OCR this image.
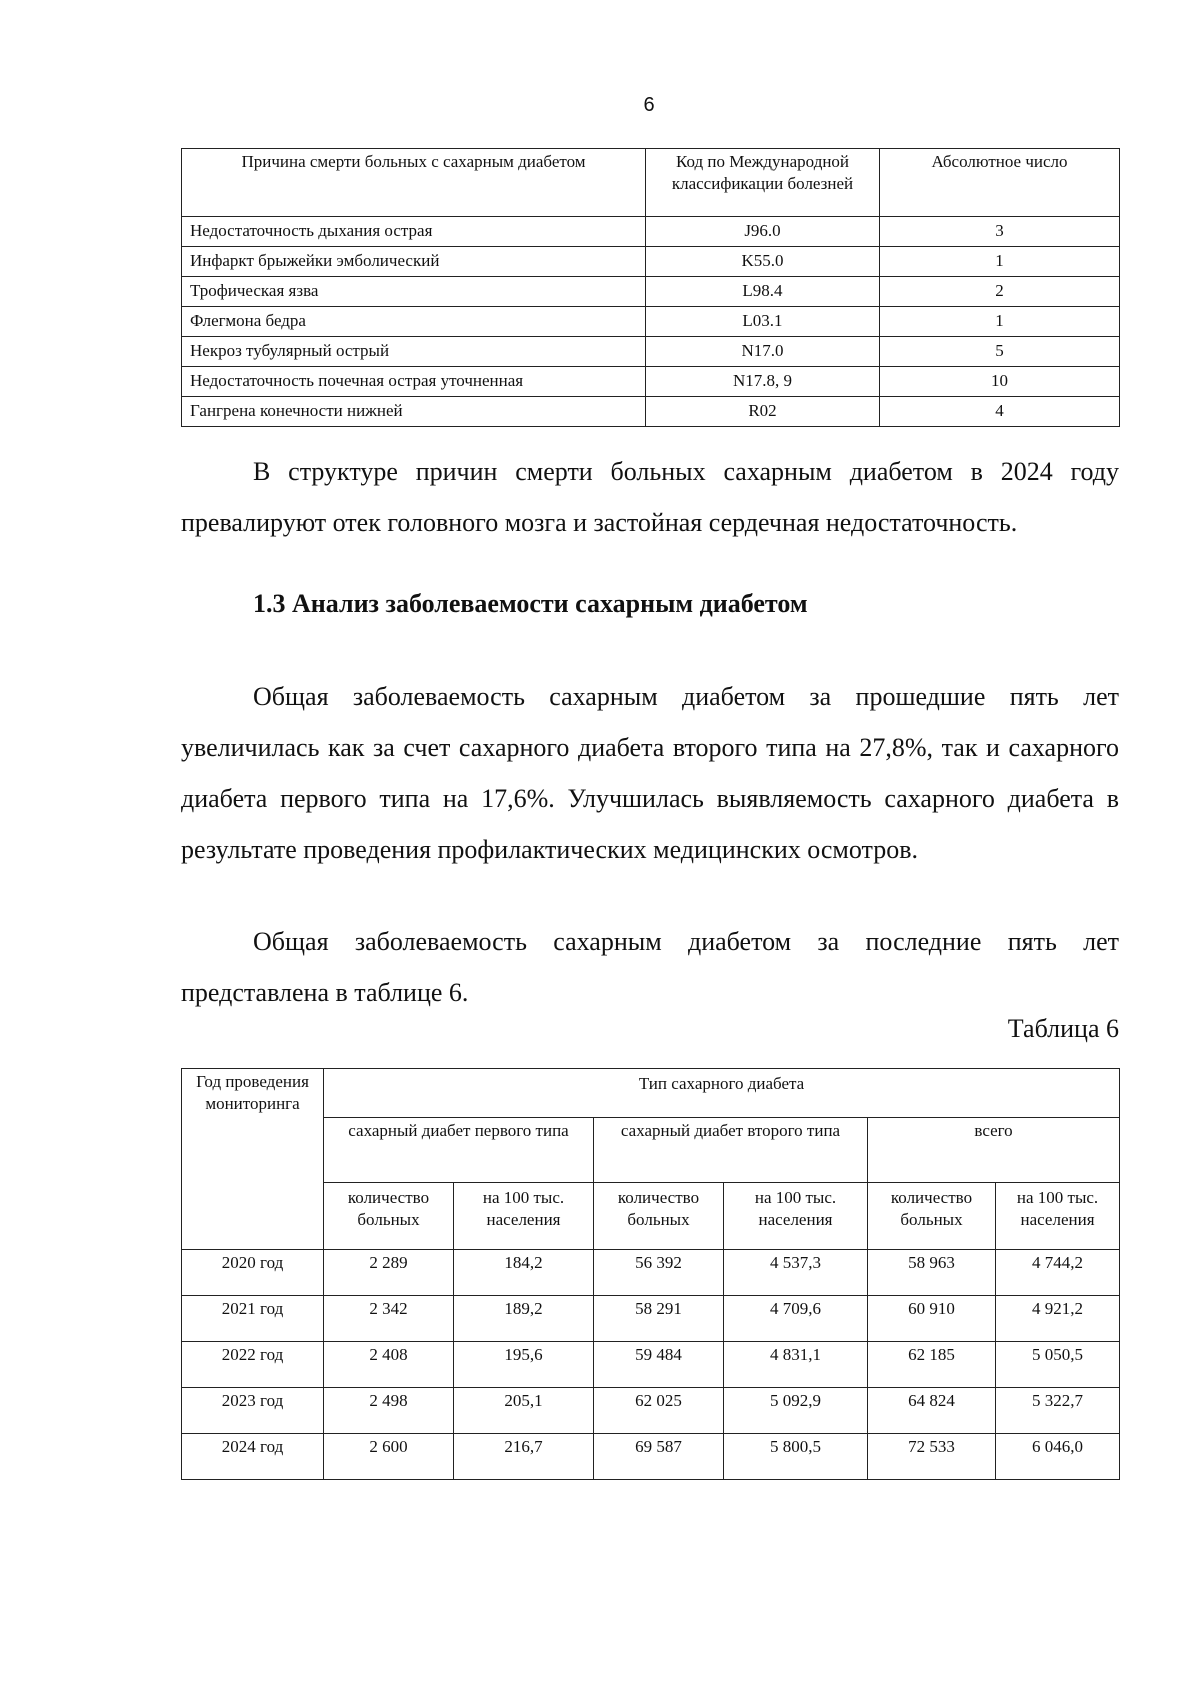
6
Причина смерти больных с сахарным диабетом	Код по Международной классификации болезней	Абсолютное число
Недостаточность дыхания острая	J96.0	3
Инфаркт брыжейки эмболический	K55.0	1
Трофическая язва	L98.4	2
Флегмона бедра	L03.1	1
Некроз тубулярный острый	N17.0	5
Недостаточность почечная острая уточненная	N17.8, 9	10
Гангрена конечности нижней	R02	4
В структуре причин смерти больных сахарным диабетом в 2024 году превалируют отек головного мозга и застойная сердечная недостаточность.
1.3 Анализ заболеваемости сахарным диабетом
Общая заболеваемость сахарным диабетом за прошедшие пять лет увеличилась как за счет сахарного диабета второго типа на 27,8%, так и сахарного диабета первого типа на 17,6%. Улучшилась выявляемость сахарного диабета в результате проведения профилактических медицинских осмотров.
Общая заболеваемость сахарным диабетом за последние пять лет представлена в таблице 6.
Таблица 6
Год проведения мониторинга	Тип сахарного диабета					
	сахарный диабет первого типа		сахарный диабет второго типа		всего	
	количество больных	на 100 тыс. населения	количество больных	на 100 тыс. населения	количество больных	на 100 тыс. населения
2020 год	2 289	184,2	56 392	4 537,3	58 963	4 744,2
2021 год	2 342	189,2	58 291	4 709,6	60 910	4 921,2
2022 год	2 408	195,6	59 484	4 831,1	62 185	5 050,5
2023 год	2 498	205,1	62 025	5 092,9	64 824	5 322,7
2024 год	2 600	216,7	69 587	5 800,5	72 533	6 046,0
